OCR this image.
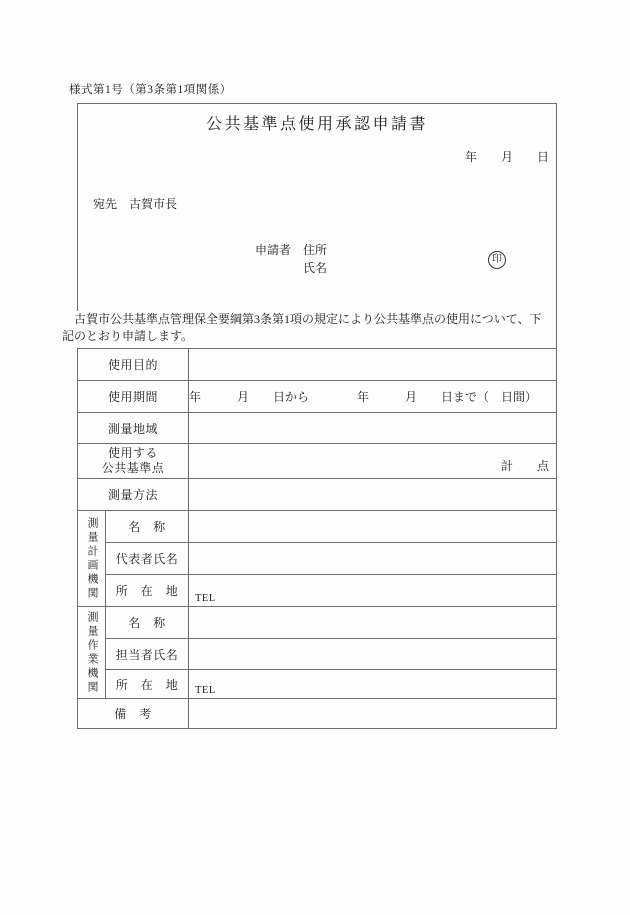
様式第1号（第3条第1項関係）
公共基準点使用承認申請書
年　　月　　日
宛先　古賀市長
申請者　住所
氏名
印
　古賀市公共基準点管理保全要綱第3条第1項の規定により公共基準点の使用について、下
記のとおり申請します。
使用目的		
使用期間		年　　　月　　日から　　　　年　　　月　　日まで（　日間）
測量地域		

使用する
公共基準点		計　　点

測量方法		

測量計画機関	名　称	
	代表者氏名	
	所　在　地	TEL

測量作業機関	名　称	
	担当者氏名	
	所　在　地	TEL

備　考		
